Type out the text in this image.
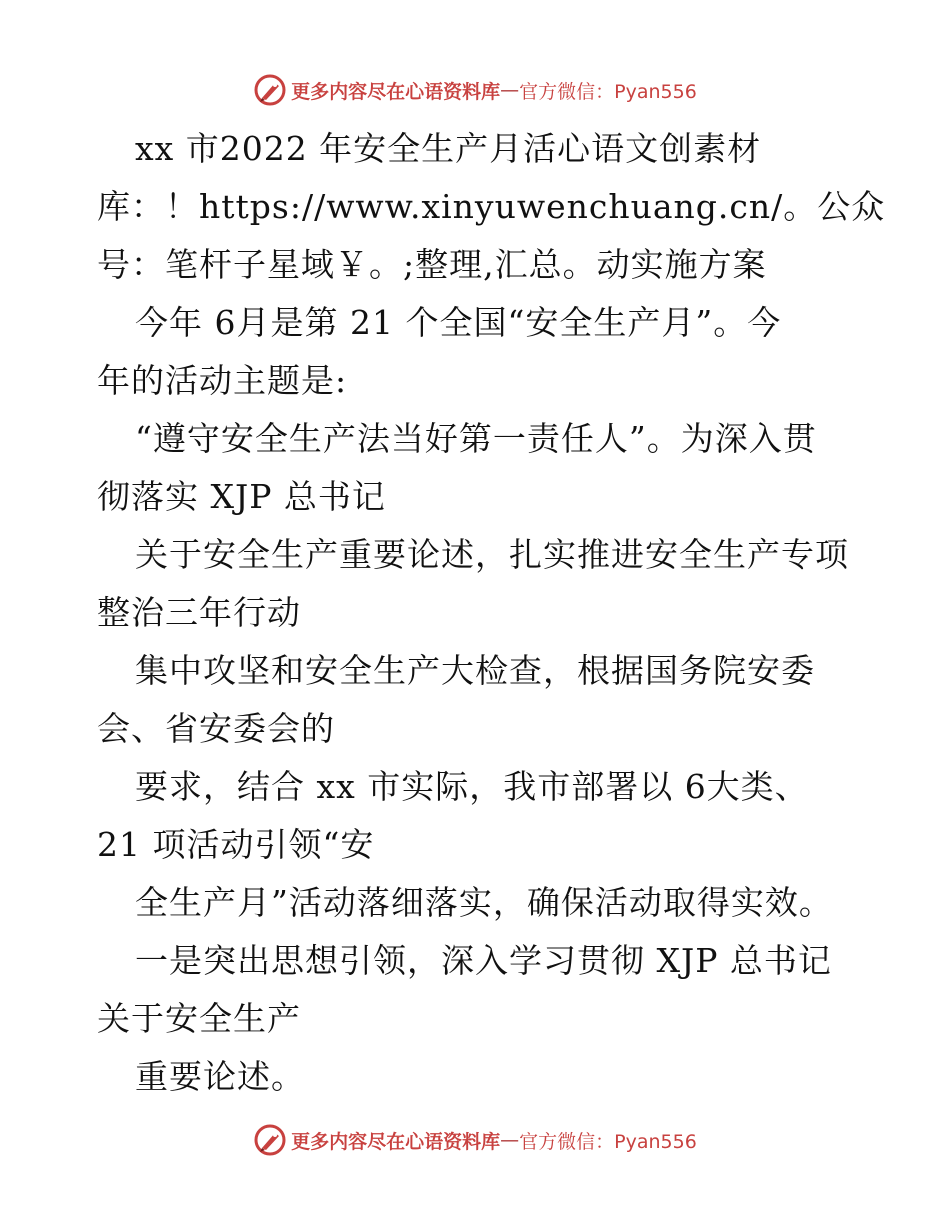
更多内容尽在心语资料库 — 官方微信：Pyan556
xx 市2022 年安全生产月活心语文创素材
库：！https://www.xinyuwenchuang.cn/。公众
号：笔杆子星域￥。;整理,汇总。动实施方案
今年 6月是第 21 个全国“安全生产月”。今
年的活动主题是:
“遵守安全生产法当好第一责任人”。为深入贯
彻落实 XJP 总书记
关于安全生产重要论述，扎实推进安全生产专项
整治三年行动
集中攻坚和安全生产大检查，根据国务院安委
会、省安委会的
要求，结合 xx 市实际，我市部署以 6大类、
21 项活动引领“安
全生产月”活动落细落实，确保活动取得实效。
一是突出思想引领，深入学习贯彻 XJP 总书记
关于安全生产
重要论述。
更多内容尽在心语资料库 — 官方微信：Pyan556
